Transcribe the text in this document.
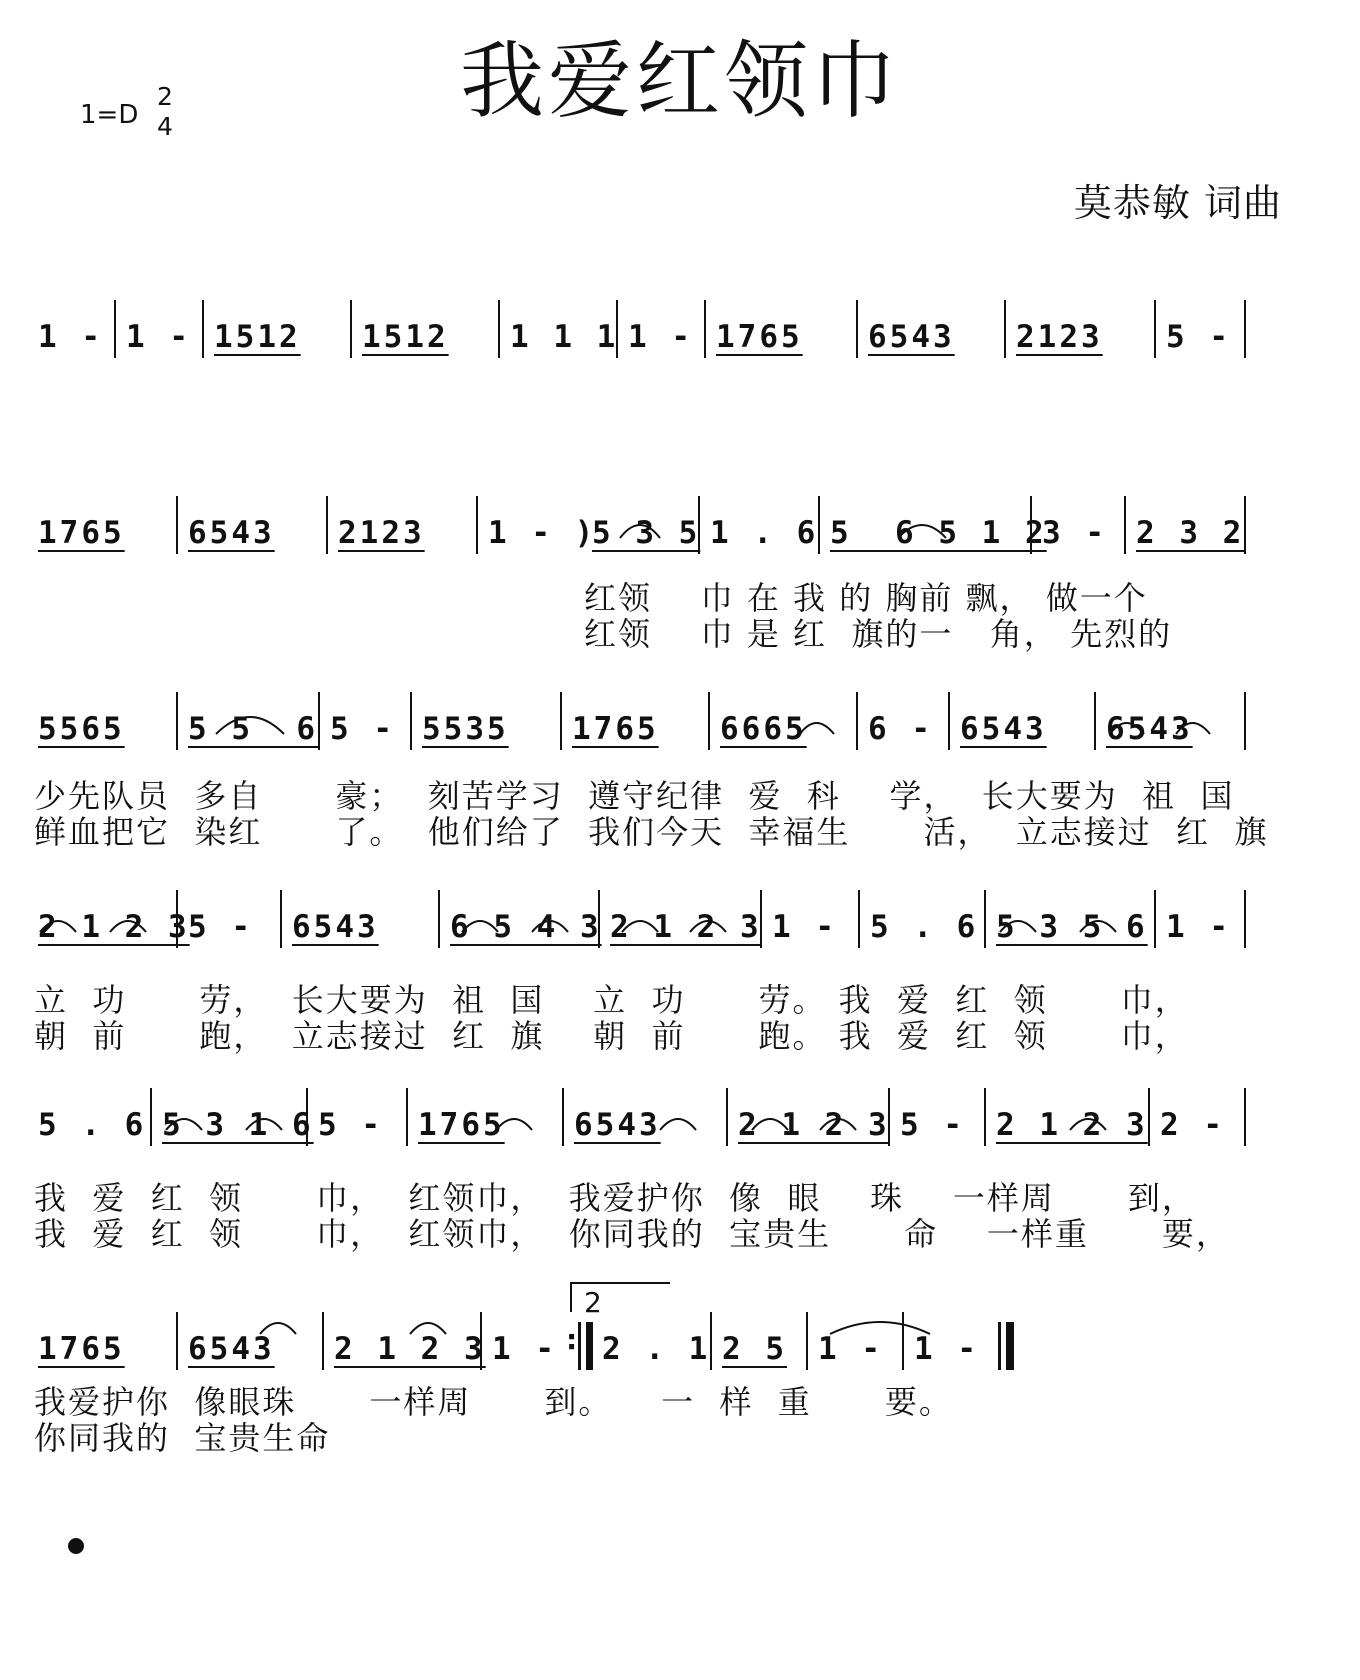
我爱红领巾
1=D
2
4
莫恭敏 词曲
1 - 1 - 1512 1512 1 1 1 1 - 1765 6543 2123 5 -
1765 6543 2123 1 - )
5 3 5 1 . 6 5  6 5 1 2
3 - 2 3 2
红领    巾 在 我 的 胸前 飘， 做一个
红领    巾 是 红  旗的一   角， 先烈的
5565 5 5  6 5 - 5535 1765 6665 6 - 6543 6543
少先队员  多自      豪；  刻苦学习  遵守纪律  爱  科    学，  长大要为  祖  国
鲜血把它  染红      了。  他们给了  我们今天  幸福生      活，  立志接过  红  旗
2 1 2 3
5 - 6543 6 5 4 3 2 1 2 3 1 - 5 . 6 5 3 5 6 1 -
立  功      劳，  长大要为  祖  国    立  功      劳。 我  爱  红  领      巾，
朝  前      跑，  立志接过  红  旗    朝  前      跑。 我  爱  红  领      巾，
5 . 6 5 3 1 6 5 - 1765 6543 2 1 2 3 5 - 2 1 2 3 2 -
我  爱  红  领      巾，  红领巾，  我爱护你  像  眼    珠    一样周      到，
我  爱  红  领      巾，  红领巾，  你同我的  宝贵生      命    一样重      要，
2
1765 6543 2 1 2 3 1 - 2 . 1 2 5 1 - 1 -
:
我爱护你  像眼珠      一样周      到。    一  样  重      要。
你同我的  宝贵生命
